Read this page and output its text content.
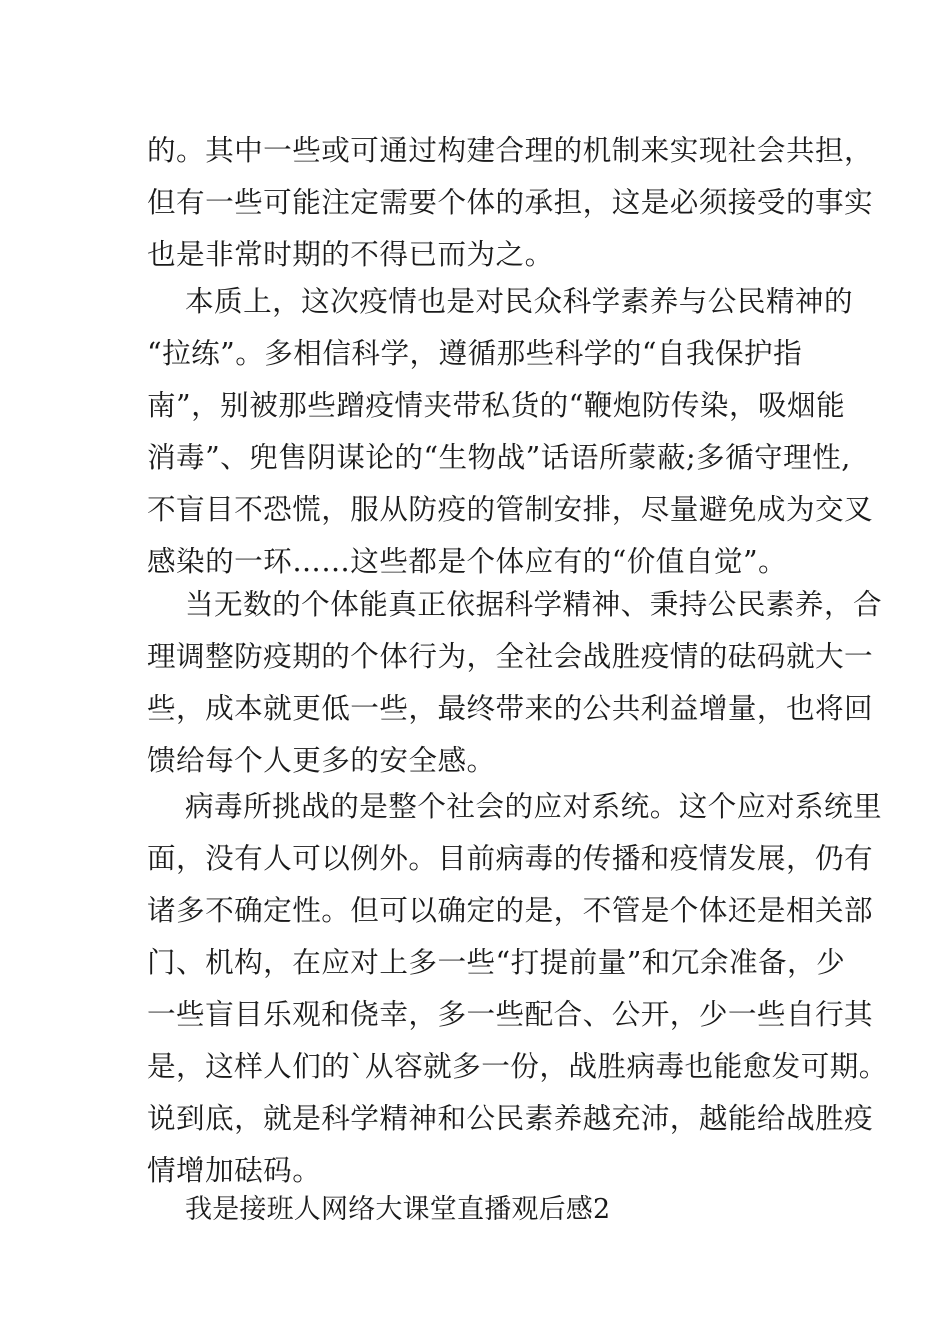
的。其中一些或可通过构建合理的机制来实现社会共担，
但有一些可能注定需要个体的承担，这是必须接受的事实
也是非常时期的不得已而为之。
本质上，这次疫情也是对民众科学素养与公民精神的
“拉练”。多相信科学，遵循那些科学的“自我保护指
南”，别被那些蹭疫情夹带私货的“鞭炮防传染，吸烟能
消毒”、兜售阴谋论的“生物战”话语所蒙蔽;多循守理性,
不盲目不恐慌，服从防疫的管制安排，尽量避免成为交叉
感染的一环……这些都是个体应有的“价值自觉”。
当无数的个体能真正依据科学精神、秉持公民素养，合
理调整防疫期的个体行为，全社会战胜疫情的砝码就大一
些，成本就更低一些，最终带来的公共利益增量，也将回
馈给每个人更多的安全感。
病毒所挑战的是整个社会的应对系统。这个应对系统里
面，没有人可以例外。目前病毒的传播和疫情发展，仍有
诸多不确定性。但可以确定的是，不管是个体还是相关部
门、机构，在应对上多一些“打提前量”和冗余准备，少
一些盲目乐观和侥幸，多一些配合、公开，少一些自行其
是，这样人们的`从容就多一份，战胜病毒也能愈发可期。
说到底，就是科学精神和公民素养越充沛，越能给战胜疫
情增加砝码。
我是接班人网络大课堂直播观后感2
